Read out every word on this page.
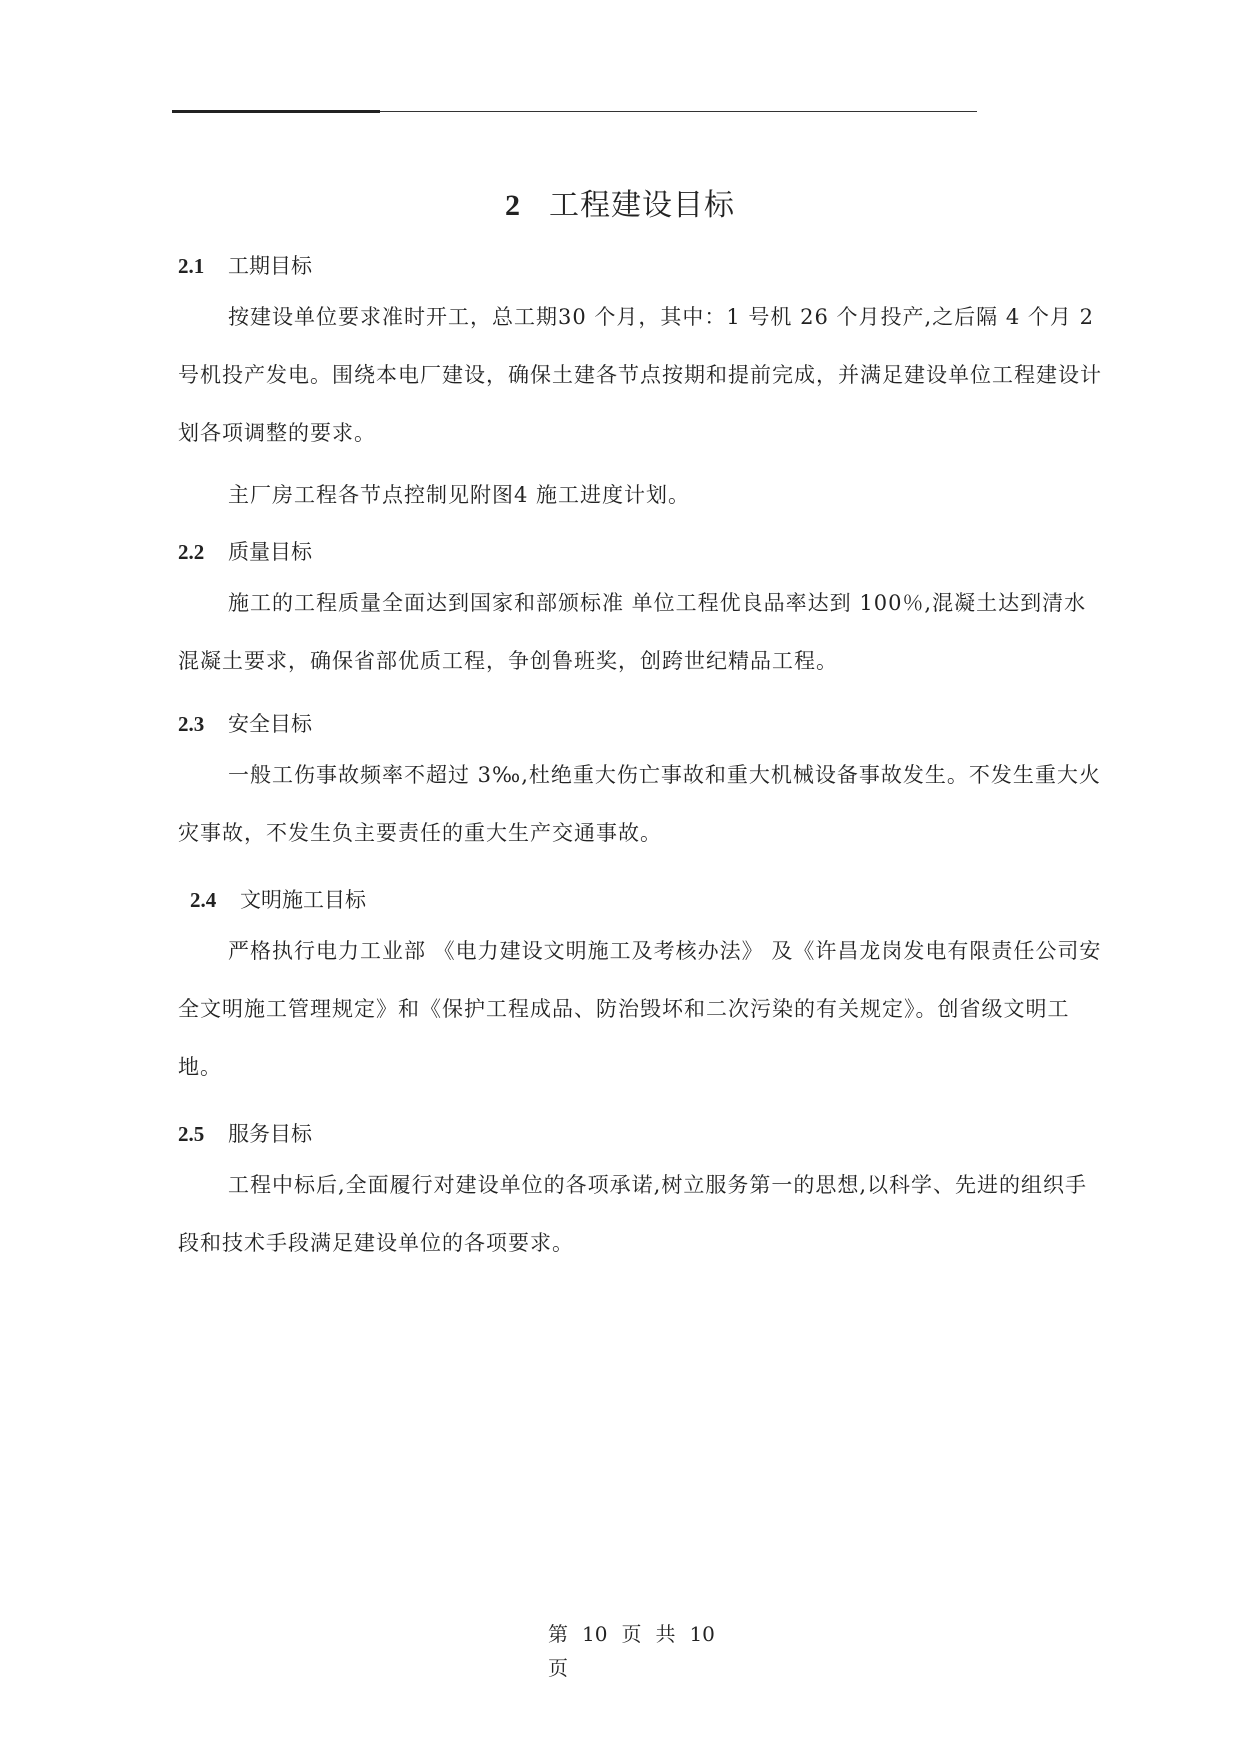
2 工程建设目标
2.1 工期目标
按建设单位要求准时开工，总工期30 个月，其中：1 号机 26 个月投产,之后隔 4 个月 2 号机投产发电。围绕本电厂建设，确保土建各节点按期和提前完成，并满足建设单位工程建设计划各项调整的要求。
主厂房工程各节点控制见附图4 施工进度计划。
2.2 质量目标
施工的工程质量全面达到国家和部颁标准 单位工程优良品率达到 100％,混凝土达到清水混凝土要求，确保省部优质工程，争创鲁班奖，创跨世纪精品工程。
2.3 安全目标
一般工伤事故频率不超过 3‰,杜绝重大伤亡事故和重大机械设备事故发生。不发生重大火灾事故，不发生负主要责任的重大生产交通事故。
2.4 文明施工目标
严格执行电力工业部 《电力建设文明施工及考核办法》 及《许昌龙岗发电有限责任公司安全文明施工管理规定》和《保护工程成品、防治毁坏和二次污染的有关规定》。创省级文明工地。
2.5 服务目标
工程中标后,全面履行对建设单位的各项承诺,树立服务第一的思想,以科学、先进的组织手段和技术手段满足建设单位的各项要求。
第 10 页 共 10
页
